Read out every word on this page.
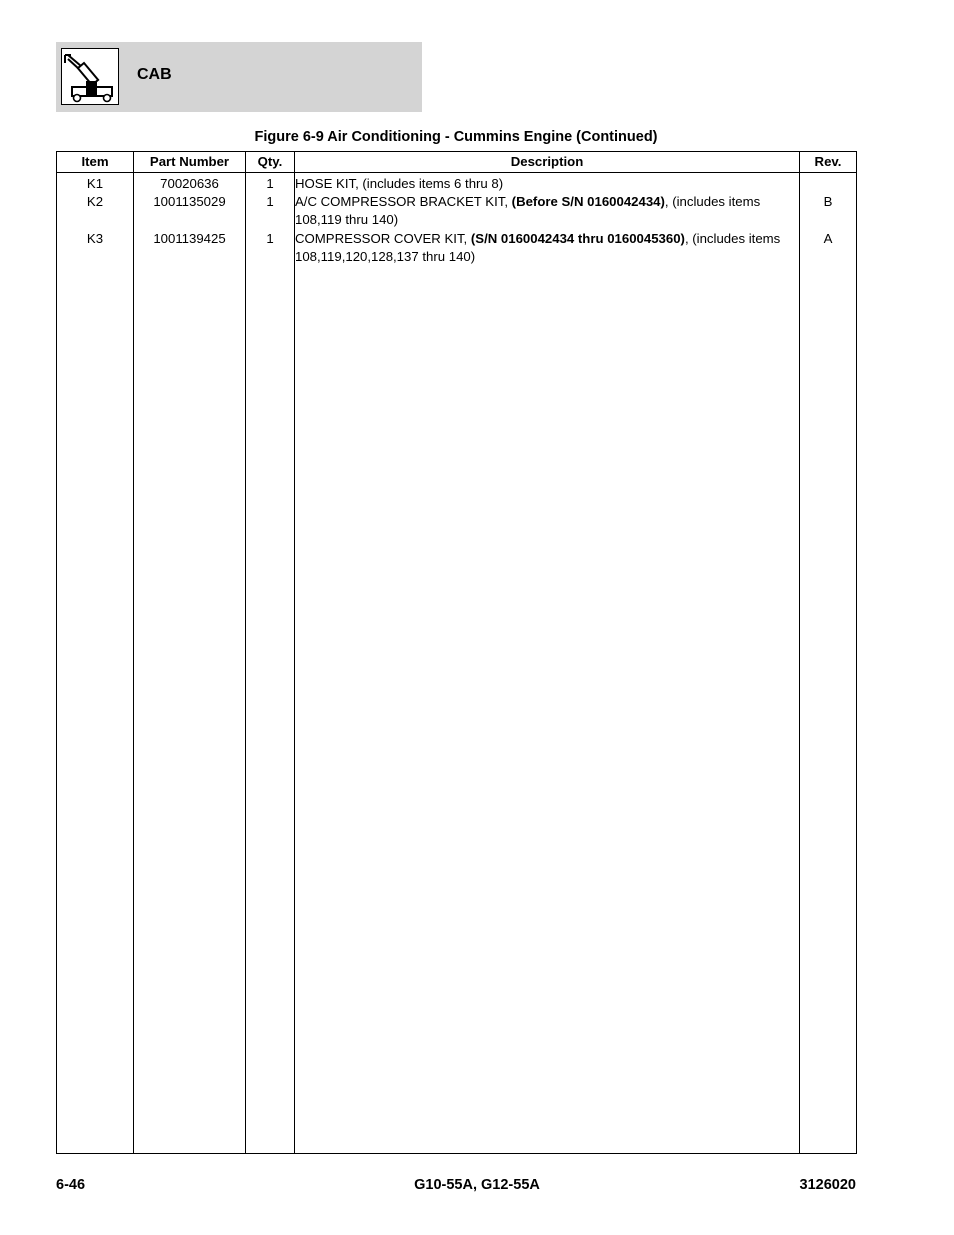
CAB
Figure 6-9 Air Conditioning - Cummins Engine (Continued)
Item	Part Number	Qty.	Description	Rev.
K1	70020636	1	HOSE KIT, (includes items 6 thru 8)	
K2	1001135029	1	A/C COMPRESSOR BRACKET KIT, (Before S/N 0160042434), (includes items 108,119 thru 140)	B
K3	1001139425	1	COMPRESSOR COVER KIT, (S/N 0160042434 thru 0160045360), (includes items 108,119,120,128,137 thru 140)	A

6-46	G10-55A, G12-55A	3126020
